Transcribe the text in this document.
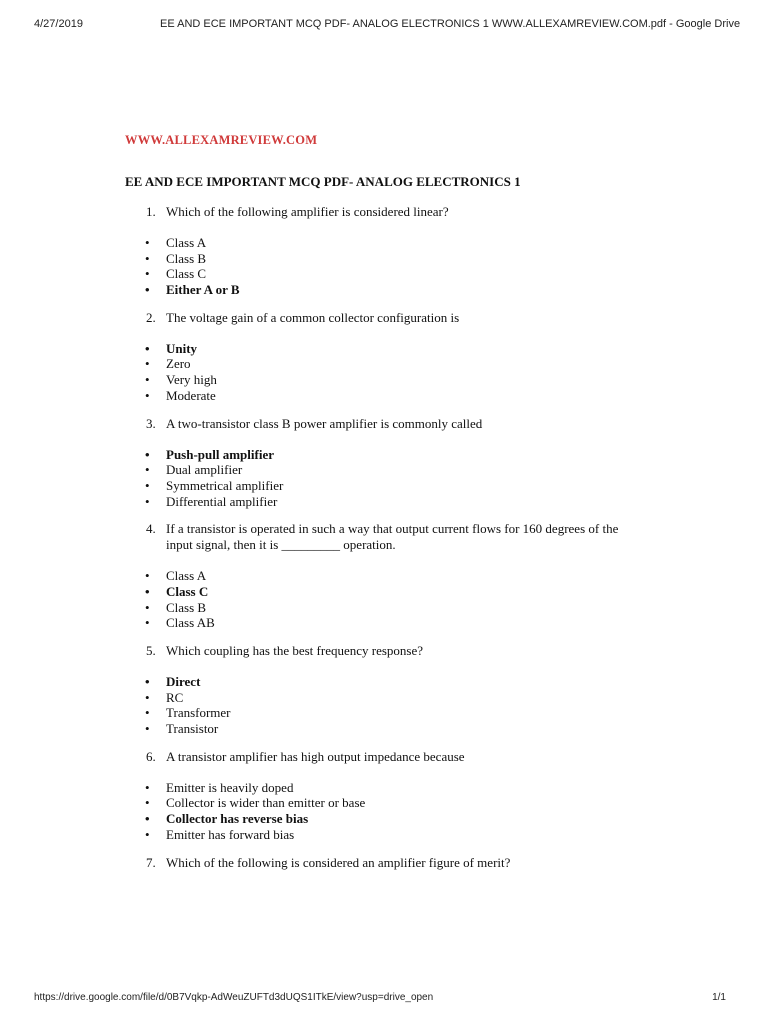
4/27/2019	EE AND ECE IMPORTANT MCQ PDF- ANALOG ELECTRONICS 1 WWW.ALLEXAMREVIEW.COM.pdf - Google Drive
WWW.ALLEXAMREVIEW.COM
EE AND ECE IMPORTANT MCQ PDF- ANALOG ELECTRONICS 1
1. Which of the following amplifier is considered linear?
• Class A
• Class B
• Class C
• Either A or B
2. The voltage gain of a common collector configuration is
• Unity
• Zero
• Very high
• Moderate
3. A two-transistor class B power amplifier is commonly called
• Push-pull amplifier
• Dual amplifier
• Symmetrical amplifier
• Differential amplifier
4. If a transistor is operated in such a way that output current flows for 160 degrees of the input signal, then it is _________ operation.
• Class A
• Class C
• Class B
• Class AB
5. Which coupling has the best frequency response?
• Direct
• RC
• Transformer
• Transistor
6. A transistor amplifier has high output impedance because
• Emitter is heavily doped
• Collector is wider than emitter or base
• Collector has reverse bias
• Emitter has forward bias
7. Which of the following is considered an amplifier figure of merit?
https://drive.google.com/file/d/0B7Vqkp-AdWeuZUFTd3dUQS1ITkE/view?usp=drive_open	1/1
